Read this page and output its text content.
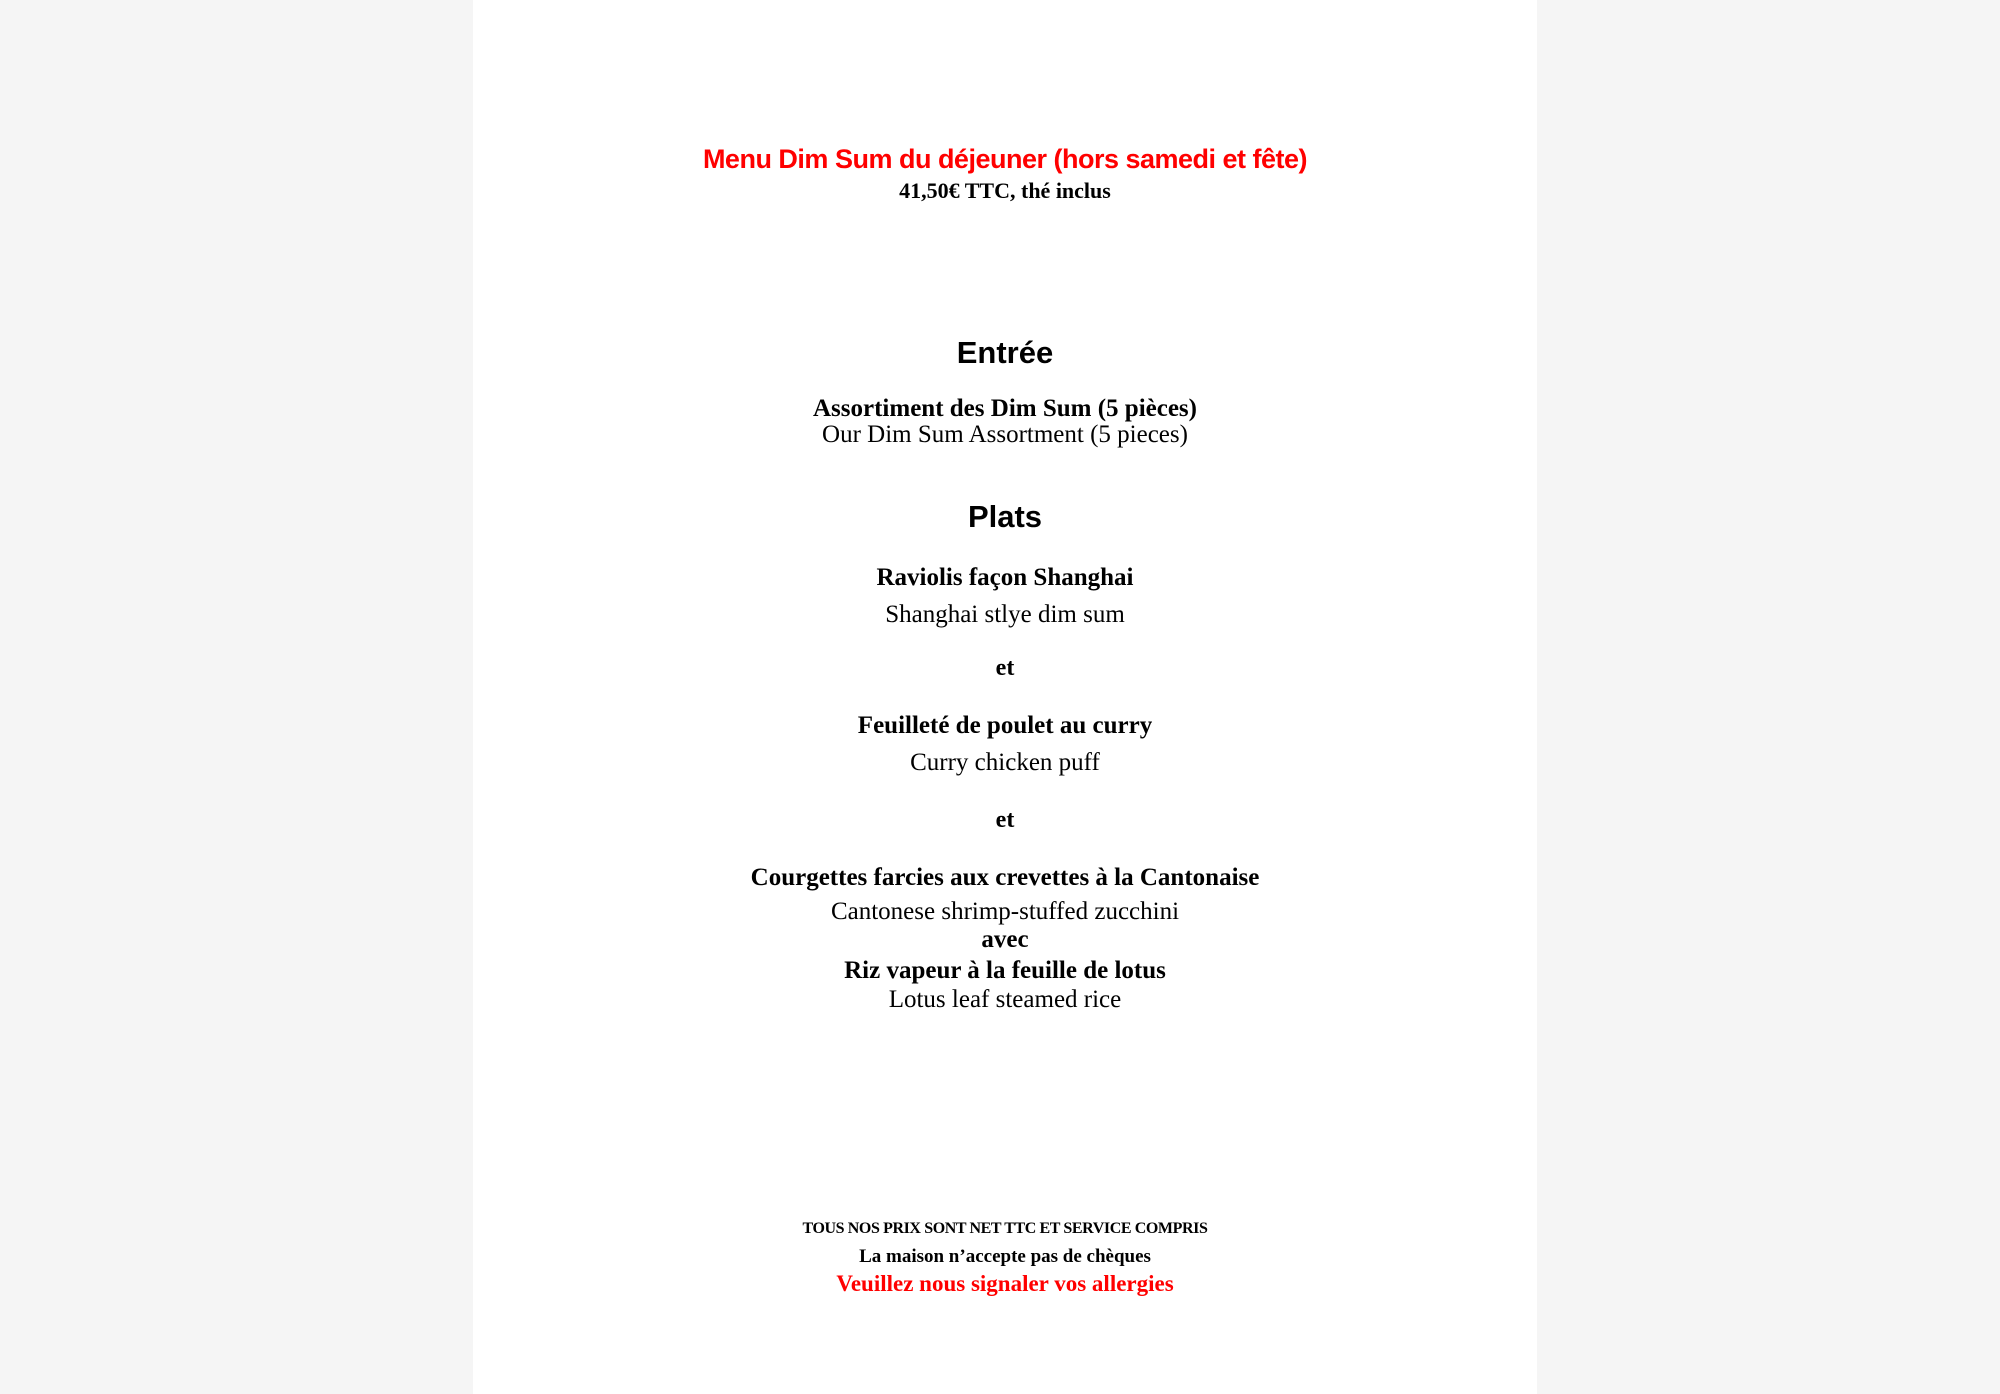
Menu Dim Sum du déjeuner (hors samedi et fête)
41,50€ TTC, thé inclus
Entrée
Assortiment des Dim Sum (5 pièces)
Our Dim Sum Assortment (5 pieces)
Plats
Raviolis façon Shanghai
Shanghai stlye dim sum
et
Feuilleté de poulet au curry
Curry chicken puff
et
Courgettes farcies aux crevettes à la Cantonaise
Cantonese shrimp-stuffed zucchini
avec
Riz vapeur à la feuille de lotus
Lotus leaf steamed rice
TOUS NOS PRIX SONT NET TTC ET SERVICE COMPRIS
La maison n’accepte pas de chèques
Veuillez nous signaler vos allergies
